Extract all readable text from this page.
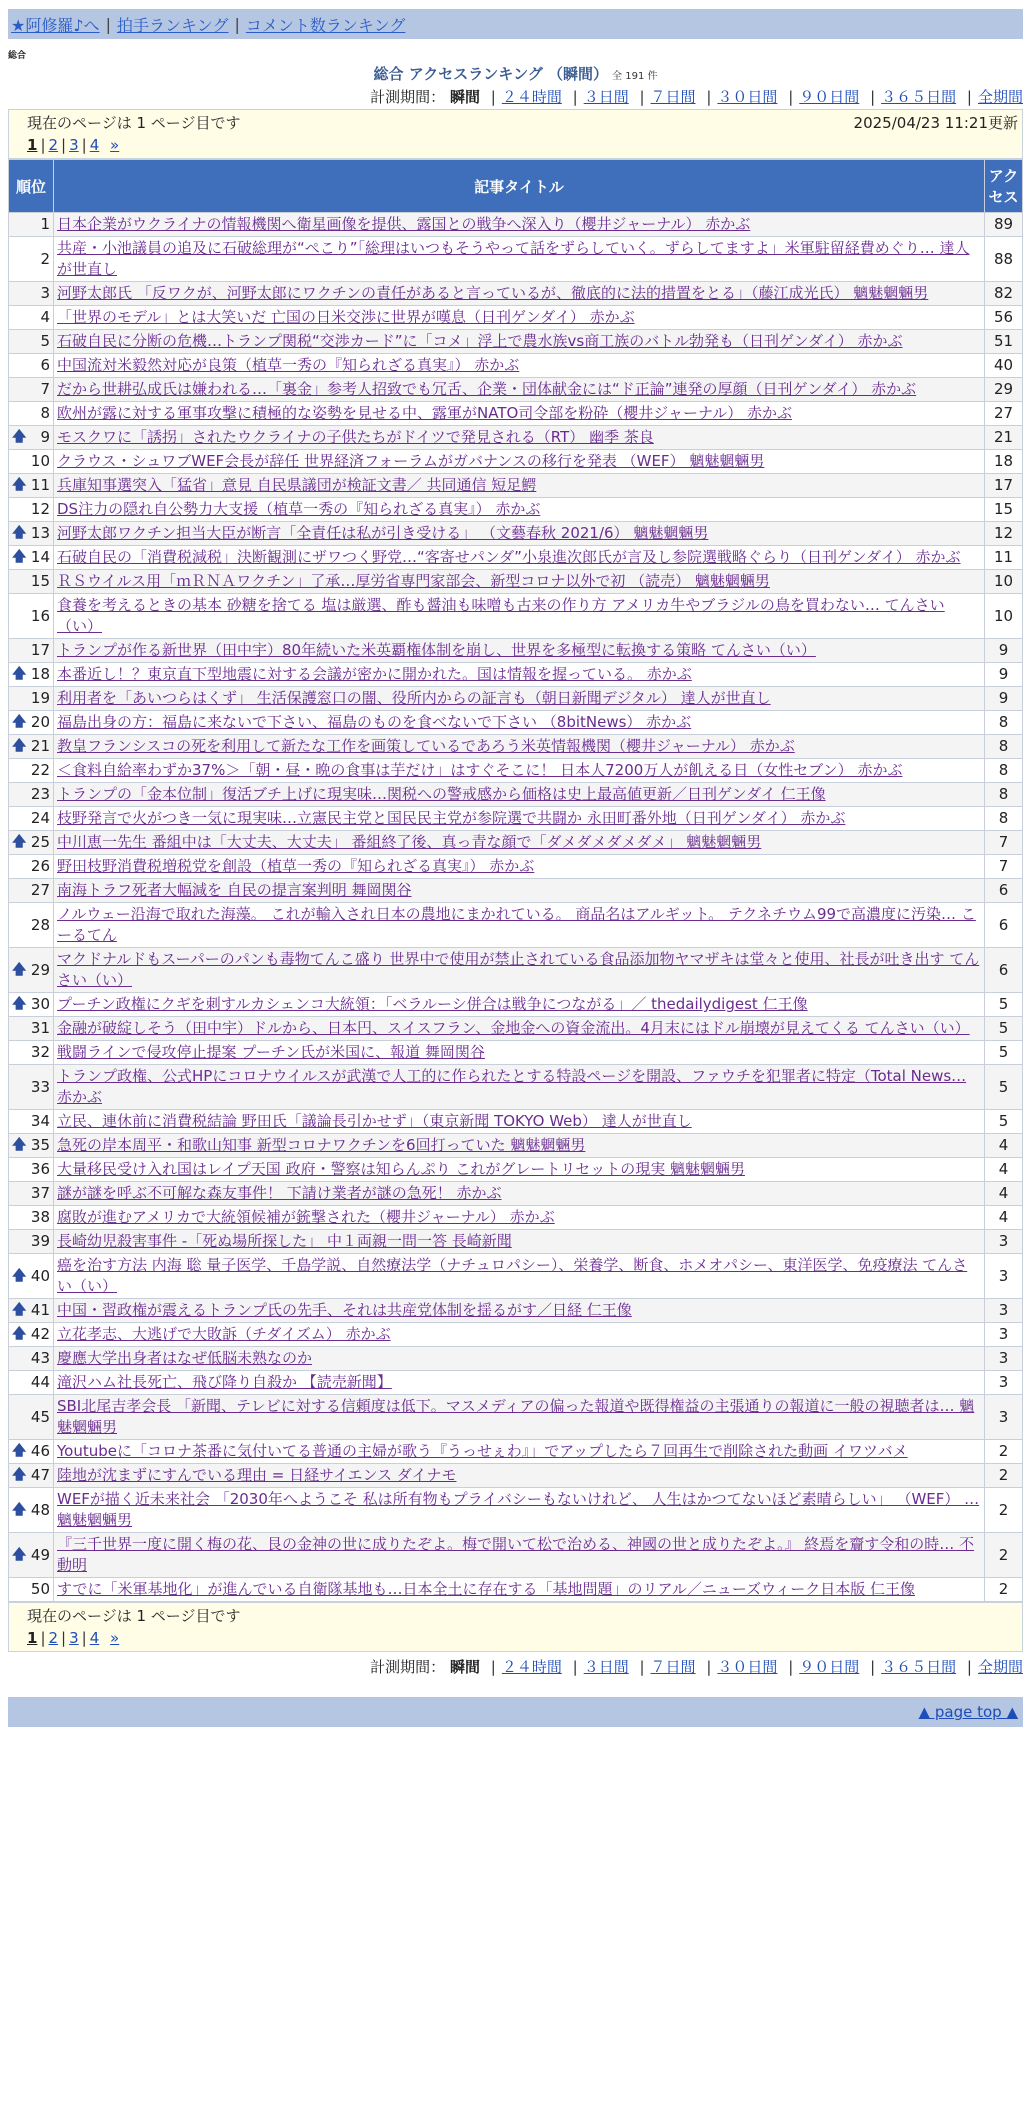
★阿修羅♪へ | 拍手ランキング | コメント数ランキング
総合
総合 アクセスランキング （瞬間） 全 191 件
計測期間： 瞬間 | ２４時間 | ３日間 | ７日間 | ３０日間 | ９０日間 | ３６５日間 | 全期間
現在のページは 1 ページ目です	2025/04/23 11:21更新
1 | 2 | 3 | 4 »
順位	記事タイトル	アクセス
1	日本企業がウクライナの情報機関へ衛星画像を提供、露国との戦争へ深入り（櫻井ジャーナル） 赤かぶ	89
2	共産・小池議員の追及に石破総理が“ぺこり”「総理はいつもそうやって話をずらしていく。ずらしてますよ」米軍駐留経費めぐり… 達人が世直し	88
3	河野太郎氏 「反ワクが、河野太郎にワクチンの責任があると言っているが、徹底的に法的措置をとる」（藤江成光氏） 魑魅魍魎男	82
4	「世界のモデル」とは大笑いだ 亡国の日米交渉に世界が嘆息（日刊ゲンダイ） 赤かぶ	56
5	石破自民に分断の危機…トランプ関税“交渉カード”に「コメ」浮上で農水族vs商工族のバトル勃発も（日刊ゲンダイ） 赤かぶ	51
6	中国流対米毅然対応が良策（植草一秀の『知られざる真実』） 赤かぶ	40
7	だから世耕弘成氏は嫌われる…「裏金」参考人招致でも冗舌、企業・団体献金には“ド正論”連発の厚顔（日刊ゲンダイ） 赤かぶ	29
8	欧州が露に対する軍事攻撃に積極的な姿勢を見せる中、露軍がNATO司令部を粉砕（櫻井ジャーナル） 赤かぶ	27

🡅 9	モスクワに「誘拐」されたウクライナの子供たちがドイツで発見される（RT） 幽季 茶良	21
10	クラウス・シュワブWEF会長が辞任 世界経済フォーラムがガバナンスの移行を発表 （WEF） 魑魅魍魎男	18

🡅 11	兵庫知事選突入「猛省」意見 自民県議団が検証文書／ 共同通信 短足鰐	17
12	DS注力の隠れ自公勢力大支援（植草一秀の『知られざる真実』） 赤かぶ	15

🡅 13	河野太郎ワクチン担当大臣が断言「全責任は私が引き受ける」 （文藝春秋 2021/6） 魑魅魍魎男	12

🡅 14	石破自民の「消費税減税」決断観測にザワつく野党…“客寄せパンダ”小泉進次郎氏が言及し参院選戦略ぐらり（日刊ゲンダイ） 赤かぶ	11
15	ＲＳウイルス用「ｍＲＮＡワクチン」了承…厚労省専門家部会、新型コロナ以外で初 （読売） 魑魅魍魎男	10
16	食養を考えるときの基本 砂糖を捨てる 塩は厳選、酢も醤油も味噌も古来の作り方 アメリカ牛やブラジルの鳥を買わない… てんさい（い）	10
17	トランプが作る新世界（田中宇）80年続いた米英覇権体制を崩し、世界を多極型に転換する策略 てんさい（い）	9

🡅 18	本番近し！？東京直下型地震に対する会議が密かに開かれた。国は情報を握っている。 赤かぶ	9
19	利用者を「あいつらはくず」 生活保護窓口の闇、役所内からの証言も（朝日新聞デジタル） 達人が世直し	9

🡅 20	福島出身の方：福島に来ないで下さい、福島のものを食べないで下さい （8bitNews） 赤かぶ	8

🡅 21	教皇フランシスコの死を利用して新たな工作を画策しているであろう米英情報機関（櫻井ジャーナル） 赤かぶ	8
22	＜食料自給率わずか37%＞「朝・昼・晩の食事は芋だけ」はすぐそこに！ 日本人7200万人が飢える日（女性セブン） 赤かぶ	8
23	トランプの「金本位制」復活ブチ上げに現実味…関税への警戒感から価格は史上最高値更新／日刊ゲンダイ 仁王像	8
24	枝野発言で火がつき一気に現実味…立憲民主党と国民民主党が参院選で共闘か 永田町番外地（日刊ゲンダイ） 赤かぶ	8

🡅 25	中川恵一先生 番組中は「大丈夫、大丈夫」 番組終了後、真っ青な顔で「ダメダメダメダメ」 魑魅魍魎男	7
26	野田枝野消費税増税党を創設（植草一秀の『知られざる真実』） 赤かぶ	7
27	南海トラフ死者大幅減を 自民の提言案判明 舞岡関谷	6
28	ノルウェー沿海で取れた海藻。 これが輸入され日本の農地にまかれている。 商品名はアルギット。 テクネチウム99で高濃度に汚染… こーるてん	6

🡅 29	マクドナルドもスーパーのパンも毒物てんこ盛り 世界中で使用が禁止されている食品添加物ヤマザキは堂々と使用、社長が吐き出す てんさい（い）	6

🡅 30	プーチン政権にクギを刺すルカシェンコ大統領：「ベラルーシ併合は戦争につながる」／ thedailydigest 仁王像	5
31	金融が破綻しそう（田中宇）ドルから、日本円、スイスフラン、金地金への資金流出。4月末にはドル崩壊が見えてくる てんさい（い）	5
32	戦闘ラインで侵攻停止提案 プーチン氏が米国に、報道 舞岡関谷	5
33	トランプ政権、公式HPにコロナウイルスが武漢で人工的に作られたとする特設ページを開設、ファウチを犯罪者に特定（Total News… 赤かぶ	5
34	立民、連休前に消費税結論 野田氏「議論長引かせず」（東京新聞 TOKYO Web） 達人が世直し	5

🡅 35	急死の岸本周平・和歌山知事 新型コロナワクチンを6回打っていた 魑魅魍魎男	4
36	大量移民受け入れ国はレイプ天国 政府・警察は知らんぷり これがグレートリセットの現実 魑魅魍魎男	4
37	謎が謎を呼ぶ不可解な森友事件！ 下請け業者が謎の急死！ 赤かぶ	4
38	腐敗が進むアメリカで大統領候補が銃撃された（櫻井ジャーナル） 赤かぶ	4
39	長崎幼児殺害事件 -「死ぬ場所探した」 中１両親一問一答 長崎新聞	3

🡅 40	癌を治す方法 内海 聡 量子医学、千島学説、自然療法学（ナチュロパシー）、栄養学、断食、ホメオパシー、東洋医学、免疫療法 てんさい（い）	3

🡅 41	中国・習政権が震えるトランプ氏の先手、それは共産党体制を揺るがす／日経 仁王像	3

🡅 42	立花孝志、大逃げで大敗訴（チダイズム） 赤かぶ	3
43	慶應大学出身者はなぜ低脳未熟なのか	3
44	滝沢ハム社長死亡、飛び降り自殺か 【読売新聞】	3
45	SBI北尾吉孝会長 「新聞、テレビに対する信頼度は低下。マスメディアの偏った報道や既得権益の主張通りの報道に一般の視聴者は… 魑魅魍魎男	3

🡅 46	Youtubeに「コロナ茶番に気付いてる普通の主婦が歌う『うっせぇわ』」でアップしたら７回再生で削除された動画 イワツバメ	2

🡅 47	陸地が沈まずにすんでいる理由 = 日経サイエンス ダイナモ	2

🡅 48	WEFが描く近未来社会 「2030年へようこそ 私は所有物もプライバシーもないけれど、 人生はかつてないほど素晴らしい」 （WEF） … 魑魅魍魎男	2

🡅 49	『三千世界一度に開く梅の花、艮の金神の世に成りたぞよ。梅で開いて松で治める、神國の世と成りたぞよ。』 終焉を齎す令和の時… 不動明	2
50	すでに「米軍基地化」が進んでいる自衛隊基地も…日本全土に存在する「基地問題」のリアル／ニューズウィーク日本版 仁王像	2
現在のページは 1 ページ目です
1 | 2 | 3 | 4 »
計測期間： 瞬間 | ２４時間 | ３日間 | ７日間 | ３０日間 | ９０日間 | ３６５日間 | 全期間
▲ page top ▲
